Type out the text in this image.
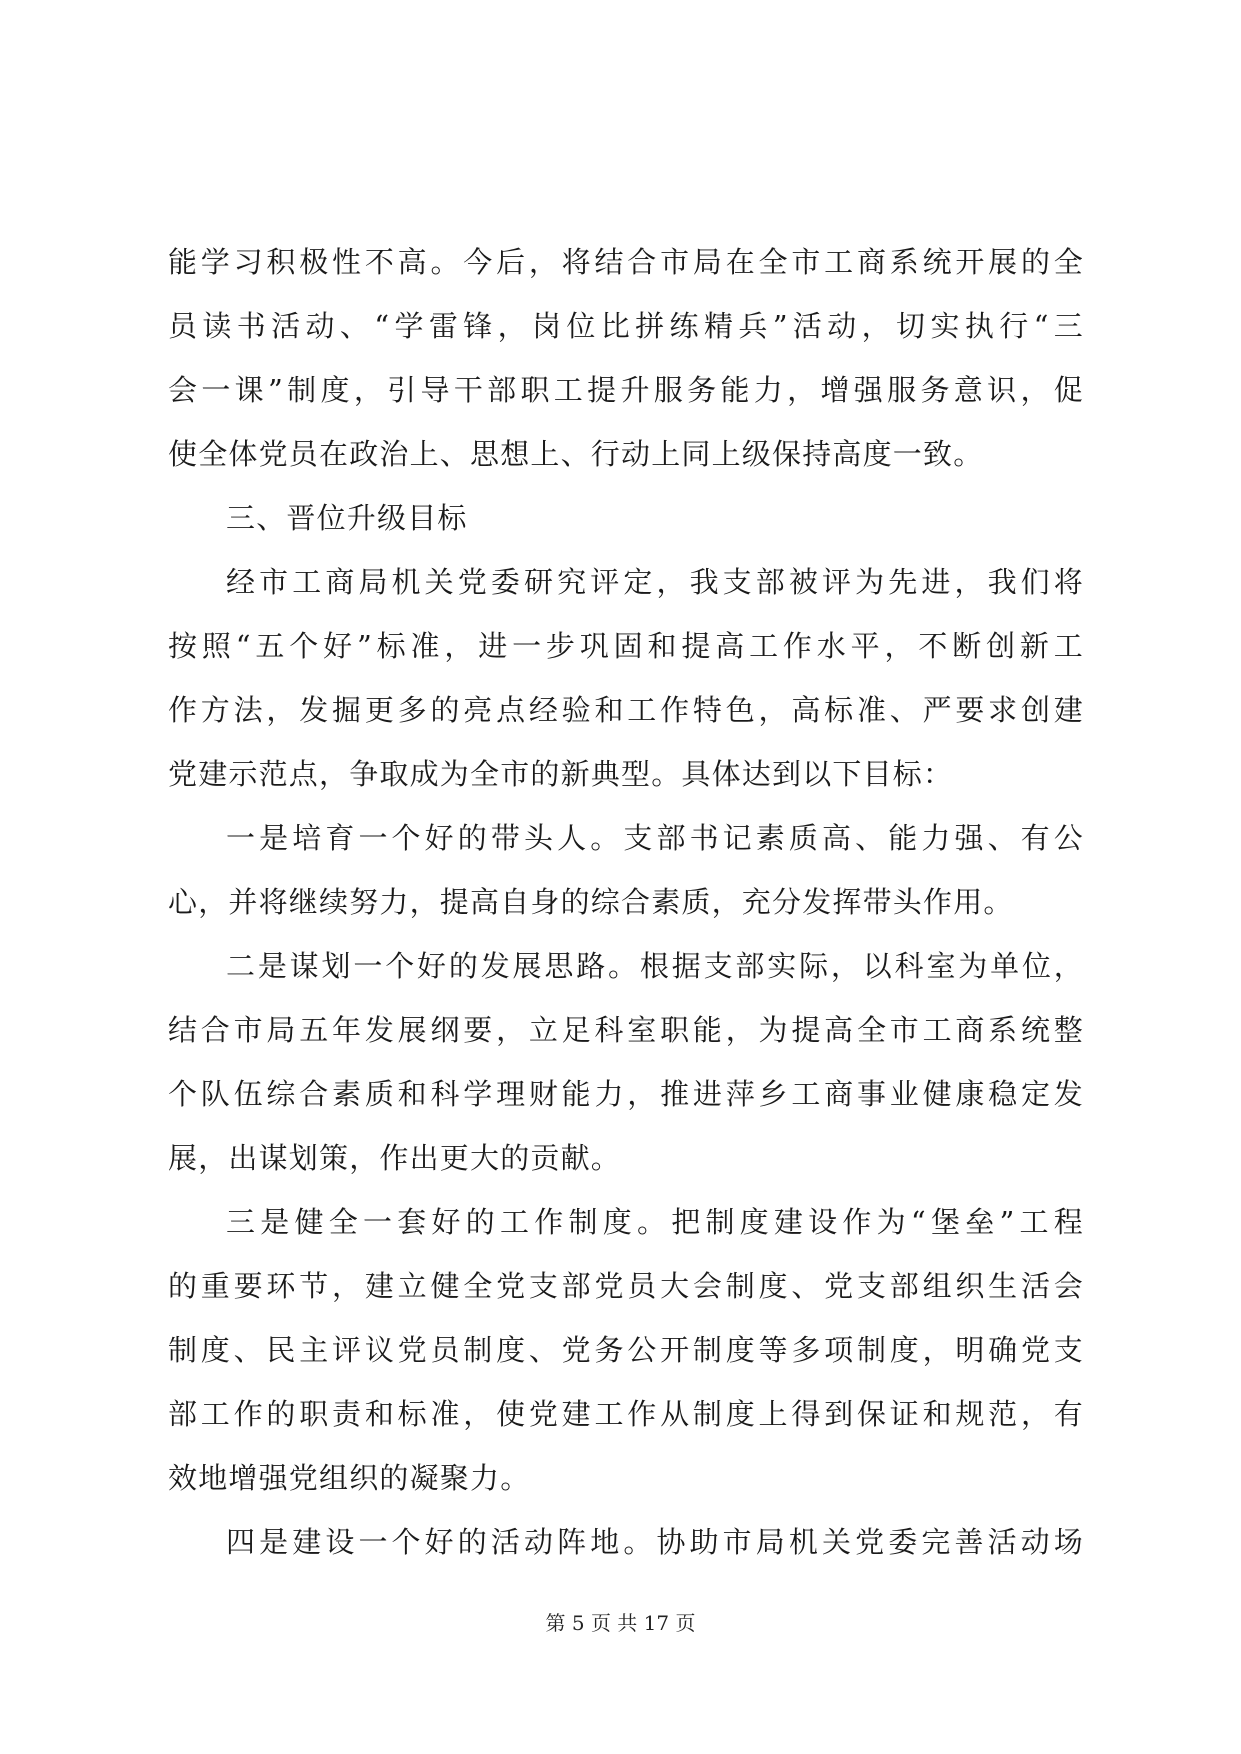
能学习积极性不高。今后，将结合市局在全市工商系统开展的全
员读书活动、“学雷锋，岗位比拼练精兵”活动，切实执行“三
会一课”制度，引导干部职工提升服务能力，增强服务意识，促
使全体党员在政治上、思想上、行动上同上级保持高度一致。
三、晋位升级目标
经市工商局机关党委研究评定，我支部被评为先进，我们将
按照“五个好”标准，进一步巩固和提高工作水平，不断创新工
作方法，发掘更多的亮点经验和工作特色，高标准、严要求创建
党建示范点，争取成为全市的新典型。具体达到以下目标：
一是培育一个好的带头人。支部书记素质高、能力强、有公
心，并将继续努力，提高自身的综合素质，充分发挥带头作用。
二是谋划一个好的发展思路。根据支部实际，以科室为单位，
结合市局五年发展纲要，立足科室职能，为提高全市工商系统整
个队伍综合素质和科学理财能力，推进萍乡工商事业健康稳定发
展，出谋划策，作出更大的贡献。
三是健全一套好的工作制度。把制度建设作为“堡垒”工程
的重要环节，建立健全党支部党员大会制度、党支部组织生活会
制度、民主评议党员制度、党务公开制度等多项制度，明确党支
部工作的职责和标准，使党建工作从制度上得到保证和规范，有
效地增强党组织的凝聚力。
四是建设一个好的活动阵地。协助市局机关党委完善活动场
第 5 页 共 17 页
